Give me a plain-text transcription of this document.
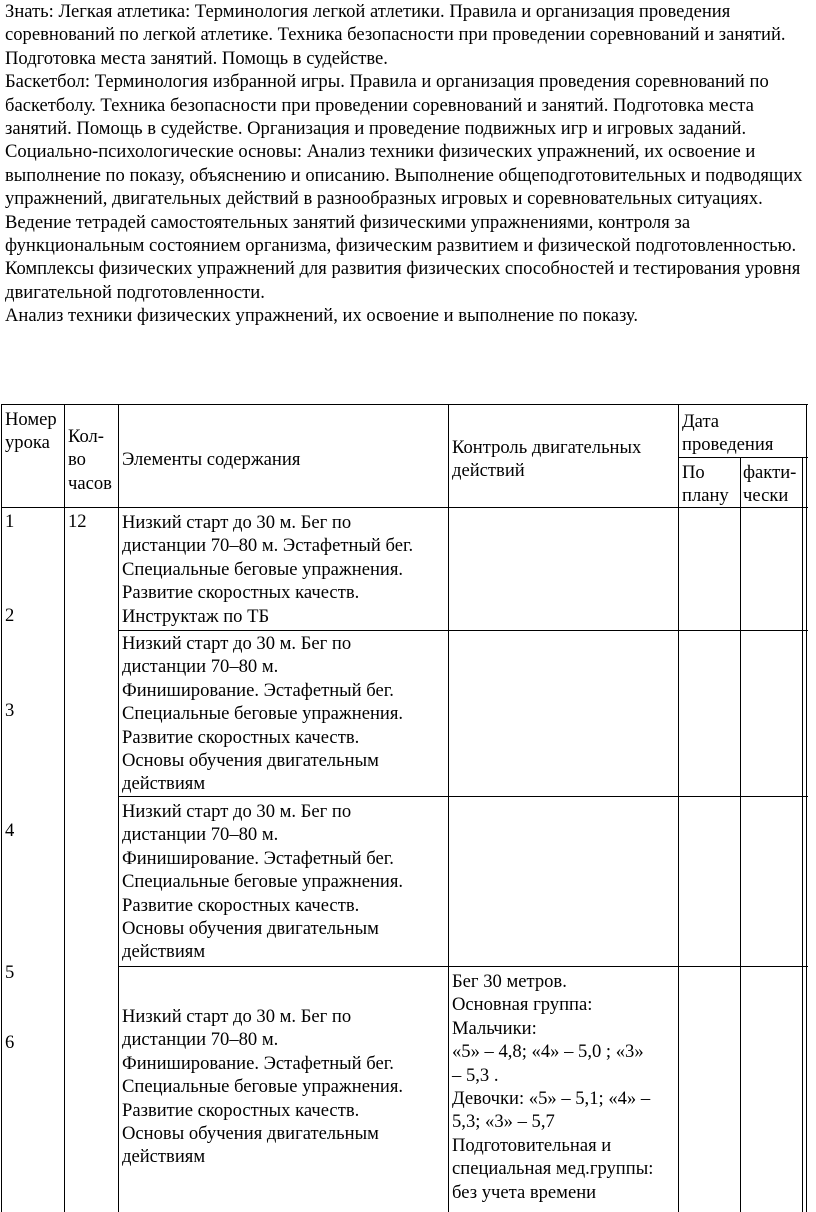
Знать: Легкая атлетика: Терминология легкой атлетики. Правила и организация проведения соревнований по легкой атлетике. Техника безопасности при проведении соревнований и занятий. Подготовка места занятий. Помощь в судействе.

Баскетбол: Терминология избранной игры. Правила и организация проведения соревнований по баскетболу. Техника безопасности при проведении соревнований и занятий. Подготовка места занятий. Помощь в судействе. Организация и проведение подвижных игр и игровых заданий.

Социально-психологические основы: Анализ техники физических упражнений, их освоение и выполнение по показу, объяснению и описанию. Выполнение общеподготовительных и подводящих упражнений, двигательных действий в разнообразных игровых и соревновательных ситуациях.

Ведение тетрадей самостоятельных занятий физическими упражнениями, контроля за функциональным состоянием организма, физическим развитием и физической подготовленностью.

Комплексы физических упражнений для развития физических способностей и тестирования уровня двигательной подготовленности.

Анализ техники физических упражнений, их освоение и выполнение по показу.

Номер
урока Кол-
во
часов
Элементы содержания
Контроль двигательных
действий
Дата
проведения
По
плану
факти-
чески
12
1
2
3
4
5
6
Низкий старт до 30 м. Бег по
дистанции 70–80 м. Эстафетный бег.
Специальные беговые упражнения.
Развитие скоростных качеств.
Инструктаж по ТБ
Низкий старт до 30 м. Бег по
дистанции 70–80 м.
Финиширование. Эстафетный бег.
Специальные беговые упражнения.
Развитие скоростных качеств.
Основы обучения двигательным
действиям
Низкий старт до 30 м. Бег по
дистанции 70–80 м.
Финиширование. Эстафетный бег.
Специальные беговые упражнения.
Развитие скоростных качеств.
Основы обучения двигательным
действиям
Низкий старт до 30 м. Бег по
дистанции 70–80 м.
Финиширование. Эстафетный бег.
Специальные беговые упражнения.
Развитие скоростных качеств.
Основы обучения двигательным
действиям
Бег 30 метров.
Основная группа:
Мальчики:
«5» – 4,8; «4» – 5,0 ; «3»
– 5,3 .
Девочки: «5» – 5,1; «4» –
5,3; «3» – 5,7
Подготовительная и
специальная мед.группы:
без учета времени
